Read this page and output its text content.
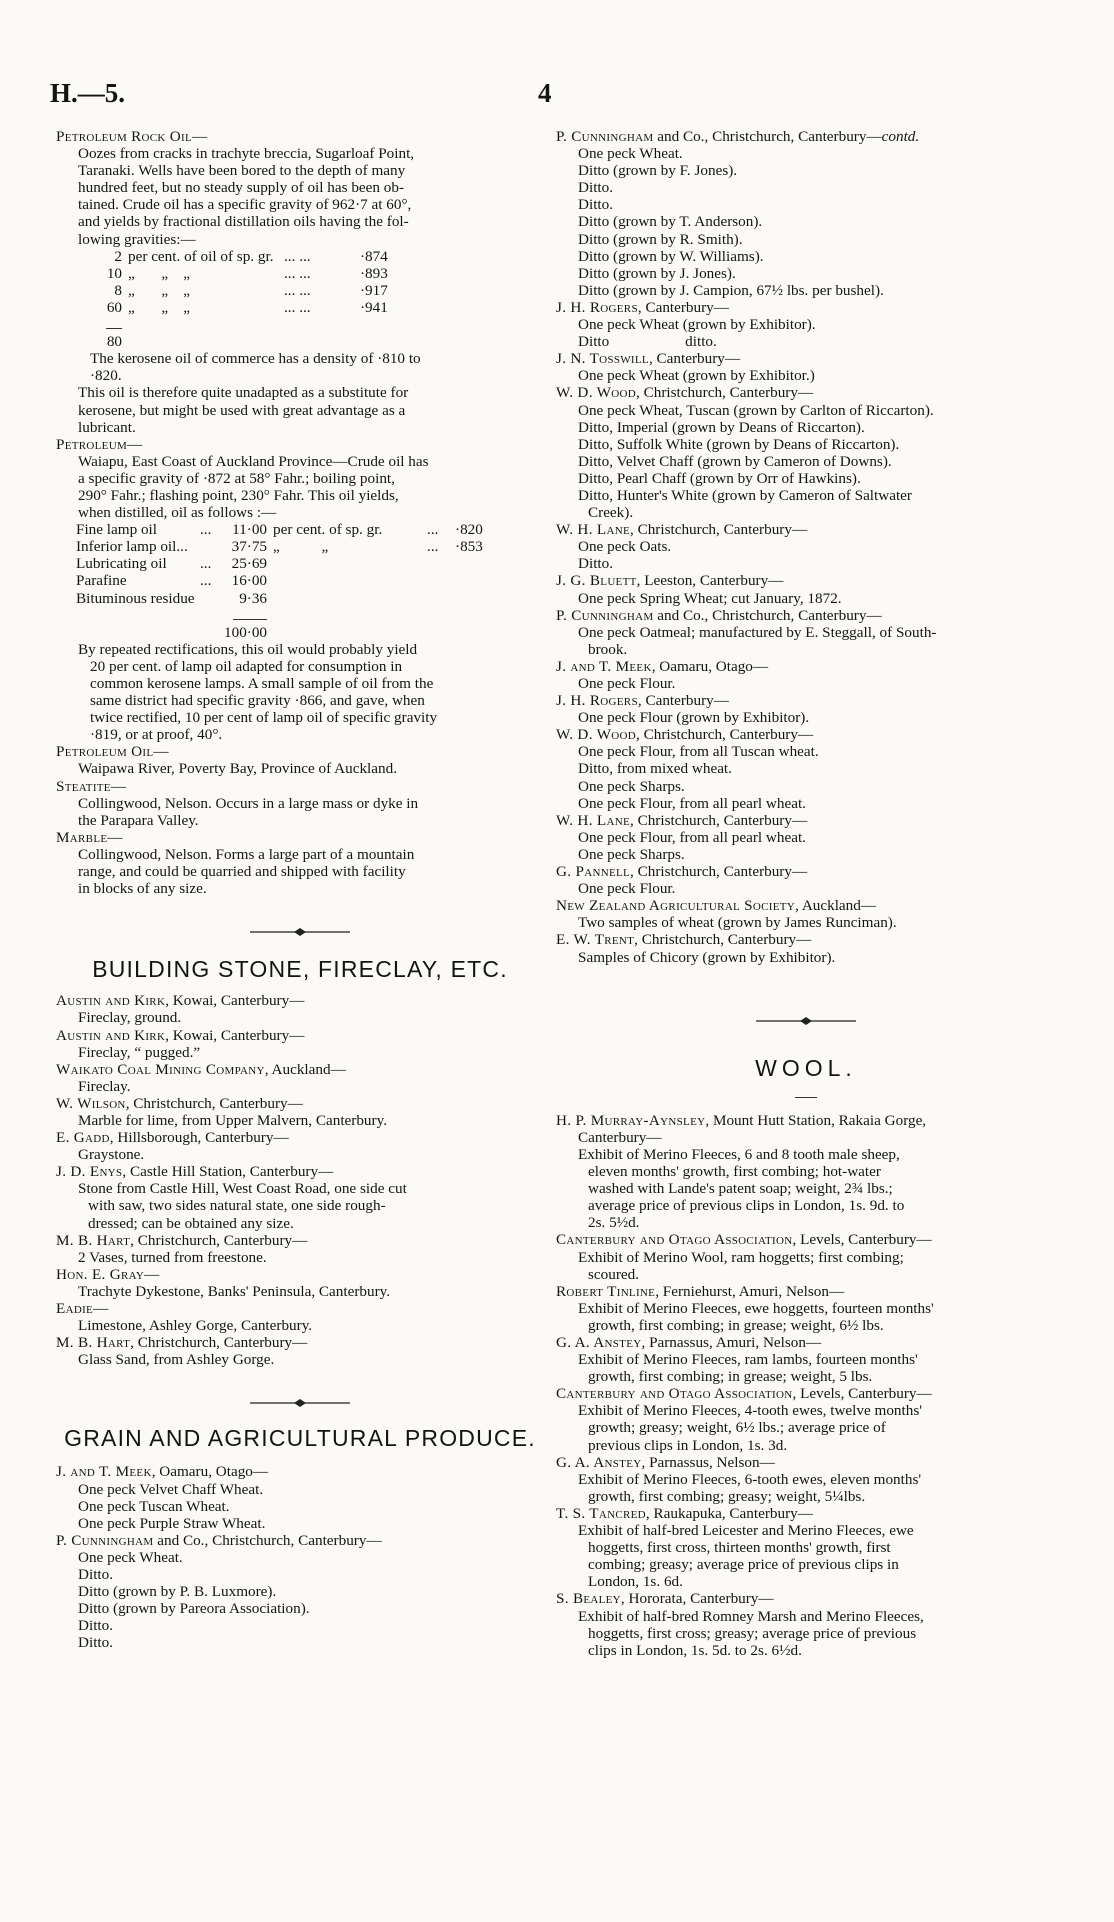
H.—5.	4
Petroleum Rock Oil—
Oozes from cracks in trachyte breccia, Sugarloaf Point,
Taranaki. Wells have been bored to the depth of many
hundred feet, but no steady supply of oil has been ob-
tained. Crude oil has a specific gravity of 962·7 at 60°,
and yields by fractional distillation oils having the fol-
lowing gravities:—
2	per cent. of oil of sp. gr.	... ...	·874
10	„       „    „	... ...	·893
8	„       „    „	... ...	·917
60	„       „    „	... ...	·941

80			
The kerosene oil of commerce has a density of ·810 to
·820.
This oil is therefore quite unadapted as a substitute for
kerosene, but might be used with great advantage as a
lubricant.
Petroleum—
Waiapu, East Coast of Auckland Province—Crude oil has
a specific gravity of ·872 at 58° Fahr.; boiling point,
290° Fahr.; flashing point, 230° Fahr. This oil yields,
when distilled, oil as follows :—
Fine lamp oil	...	11·00	per cent. of sp. gr.	...	·820
Inferior lamp oil...		37·75	„           „	...	·853
Lubricating oil	...	25·69			
Parafine	...	16·00			
Bituminous residue		9·36			

		100·00			
By repeated rectifications, this oil would probably yield
20 per cent. of lamp oil adapted for consumption in
common kerosene lamps. A small sample of oil from the
same district had specific gravity ·866, and gave, when
twice rectified, 10 per cent of lamp oil of specific gravity
·819, or at proof, 40°.
Petroleum Oil—
Waipawa River, Poverty Bay, Province of Auckland.
Steatite—
Collingwood, Nelson. Occurs in a large mass or dyke in
the Parapara Valley.
Marble—
Collingwood, Nelson. Forms a large part of a mountain
range, and could be quarried and shipped with facility
in blocks of any size.
BUILDING STONE, FIRECLAY, ETC.
Austin and Kirk, Kowai, Canterbury—
Fireclay, ground.
Austin and Kirk, Kowai, Canterbury—
Fireclay, “ pugged.”
Waikato Coal Mining Company, Auckland—
Fireclay.
W. Wilson, Christchurch, Canterbury—
Marble for lime, from Upper Malvern, Canterbury.
E. Gadd, Hillsborough, Canterbury—
Graystone.
J. D. Enys, Castle Hill Station, Canterbury—
Stone from Castle Hill, West Coast Road, one side cut
with saw, two sides natural state, one side rough-
dressed; can be obtained any size.
M. B. Hart, Christchurch, Canterbury—
2 Vases, turned from freestone.
Hon. E. Gray—
Trachyte Dykestone, Banks' Peninsula, Canterbury.
Eadie—
Limestone, Ashley Gorge, Canterbury.
M. B. Hart, Christchurch, Canterbury—
Glass Sand, from Ashley Gorge.
GRAIN AND AGRICULTURAL PRODUCE.
J. and T. Meek, Oamaru, Otago—
One peck Velvet Chaff Wheat.
One peck Tuscan Wheat.
One peck Purple Straw Wheat.
P. Cunningham and Co., Christchurch, Canterbury—
One peck Wheat.
Ditto.
Ditto (grown by P. B. Luxmore).
Ditto (grown by Pareora Association).
Ditto.
Ditto.
P. Cunningham and Co., Christchurch, Canterbury—contd.
One peck Wheat.
Ditto (grown by F. Jones).
Ditto.
Ditto.
Ditto (grown by T. Anderson).
Ditto (grown by R. Smith).
Ditto (grown by W. Williams).
Ditto (grown by J. Jones).
Ditto (grown by J. Campion, 67½ lbs. per bushel).
J. H. Rogers, Canterbury—
One peck Wheat (grown by Exhibitor).
Ditto                    ditto.
J. N. Tosswill, Canterbury—
One peck Wheat (grown by Exhibitor.)
W. D. Wood, Christchurch, Canterbury—
One peck Wheat, Tuscan (grown by Carlton of Riccarton).
Ditto, Imperial (grown by Deans of Riccarton).
Ditto, Suffolk White (grown by Deans of Riccarton).
Ditto, Velvet Chaff (grown by Cameron of Downs).
Ditto, Pearl Chaff (grown by Orr of Hawkins).
Ditto, Hunter's White (grown by Cameron of Saltwater
Creek).
W. H. Lane, Christchurch, Canterbury—
One peck Oats.
Ditto.
J. G. Bluett, Leeston, Canterbury—
One peck Spring Wheat; cut January, 1872.
P. Cunningham and Co., Christchurch, Canterbury—
One peck Oatmeal; manufactured by E. Steggall, of South-
brook.
J. and T. Meek, Oamaru, Otago—
One peck Flour.
J. H. Rogers, Canterbury—
One peck Flour (grown by Exhibitor).
W. D. Wood, Christchurch, Canterbury—
One peck Flour, from all Tuscan wheat.
Ditto, from mixed wheat.
One peck Sharps.
One peck Flour, from all pearl wheat.
W. H. Lane, Christchurch, Canterbury—
One peck Flour, from all pearl wheat.
One peck Sharps.
G. Pannell, Christchurch, Canterbury—
One peck Flour.
New Zealand Agricultural Society, Auckland—
Two samples of wheat (grown by James Runciman).
E. W. Trent, Christchurch, Canterbury—
Samples of Chicory (grown by Exhibitor).
WOOL.
H. P. Murray-Aynsley, Mount Hutt Station, Rakaia Gorge,
Canterbury—
Exhibit of Merino Fleeces, 6 and 8 tooth male sheep,
eleven months' growth, first combing; hot-water
washed with Lande's patent soap; weight, 2¾ lbs.;
average price of previous clips in London, 1s. 9d. to
2s. 5½d.
Canterbury and Otago Association, Levels, Canterbury—
Exhibit of Merino Wool, ram hoggetts; first combing;
scoured.
Robert Tinline, Ferniehurst, Amuri, Nelson—
Exhibit of Merino Fleeces, ewe hoggetts, fourteen months'
growth, first combing; in grease; weight, 6½ lbs.
G. A. Anstey, Parnassus, Amuri, Nelson—
Exhibit of Merino Fleeces, ram lambs, fourteen months'
growth, first combing; in grease; weight, 5 lbs.
Canterbury and Otago Association, Levels, Canterbury—
Exhibit of Merino Fleeces, 4-tooth ewes, twelve months'
growth; greasy; weight, 6½ lbs.; average price of
previous clips in London, 1s. 3d.
G. A. Anstey, Parnassus, Nelson—
Exhibit of Merino Fleeces, 6-tooth ewes, eleven months'
growth, first combing; greasy; weight, 5¼lbs.
T. S. Tancred, Raukapuka, Canterbury—
Exhibit of half-bred Leicester and Merino Fleeces, ewe
hoggetts, first cross, thirteen months' growth, first
combing; greasy; average price of previous clips in
London, 1s. 6d.
S. Bealey, Hororata, Canterbury—
Exhibit of half-bred Romney Marsh and Merino Fleeces,
hoggetts, first cross; greasy; average price of previous
clips in London, 1s. 5d. to 2s. 6½d.
